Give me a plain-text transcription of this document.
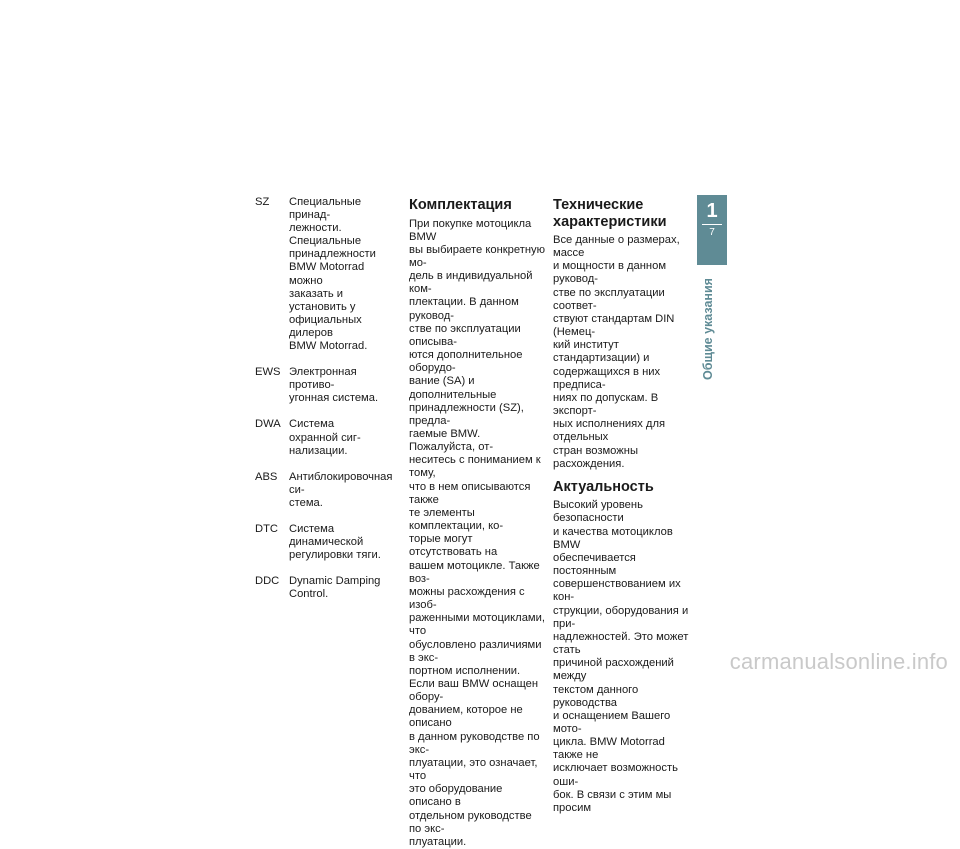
SZ	Специальные принад-
лежности.
Специальные
принадлежности
BMW Motorrad можно
заказать и установить у
официальных дилеров
BMW Motorrad.
EWS Электронная противо-
угонная система.
DWA Система охранной сиг-
нализации.
ABS	Антиблокировочная си-
стема.
DTC Система динамической
регулировки тяги.
DDC Dynamic Damping
Control.
Комплектация

При покупке мотоцикла BMW
вы выбираете конкретную мо-
дель в индивидуальной ком-
плектации. В данном руковод-
стве по эксплуатации описыва-
ются дополнительное оборудо-
вание (SA) и дополнительные
принадлежности (SZ), предла-
гаемые BMW. Пожалуйста, от-
неситесь с пониманием к тому,
что в нем описываются также
те элементы комплектации, ко-
торые могут отсутствовать на
вашем мотоцикле. Также воз-
можны расхождения с изоб-
раженными мотоциклами, что
обусловлено различиями в экс-
портном исполнении.
Если ваш BMW оснащен обору-
дованием, которое не описано
в данном руководстве по экс-
плуатации, это означает, что
это оборудование описано в
отдельном руководстве по экс-
плуатации.

Технические
характеристики

Все данные о размерах, массе
и мощности в данном руковод-
стве по эксплуатации соответ-
ствуют стандартам DIN (Немец-
кий институт стандартизации) и
содержащихся в них предписа-
ниях по допускам. В экспорт-
ных исполнениях для отдельных
стран возможны расхождения.

Актуальность

Высокий уровень безопасности
и качества мотоциклов BMW
обеспечивается постоянным
совершенствованием их кон-
струкции, оборудования и при-
надлежностей. Это может стать
причиной расхождений между
текстом данного руководства
и оснащением Вашего мото-
цикла. BMW Motorrad также не
исключает возможность оши-
бок. В связи с этим мы просим

1
7
Общие указания
carmanualsonline.info
